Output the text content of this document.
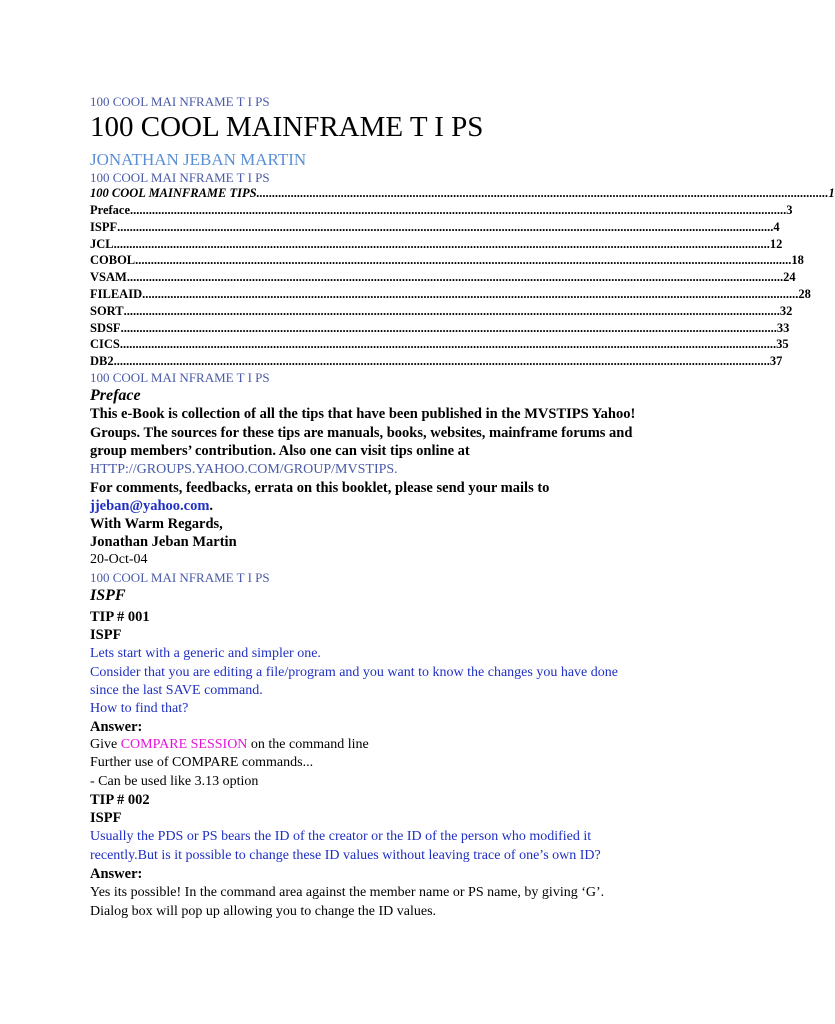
100 COOL MAI NFRAME T I PS
100 COOL MAINFRAME T I PS
JONATHAN JEBAN MARTIN
100 COOL MAI NFRAME T I PS
100 COOL MAINFRAME TIPS ....................................................................................................................................................................................... 1
Preface .................................................................................................................................................................................................................. 3
ISPF .................................................................................................................................................................................................................. 4
JCL .................................................................................................................................................................................................................. 12
COBOL .................................................................................................................................................................................................................. 18
VSAM .................................................................................................................................................................................................................. 24
FILEAID .................................................................................................................................................................................................................. 28
SORT .................................................................................................................................................................................................................. 32
SDSF .................................................................................................................................................................................................................. 33
CICS .................................................................................................................................................................................................................. 35
DB2 .................................................................................................................................................................................................................. 37
100 COOL MAI NFRAME T I PS
Preface
This e-Book is collection of all the tips that have been published in the MVSTIPS Yahoo!
Groups. The sources for these tips are manuals, books, websites, mainframe forums and
group members’ contribution. Also one can visit tips online at
HTTP://GROUPS.YAHOO.COM/GROUP/MVSTIPS.
For comments, feedbacks, errata on this booklet, please send your mails to
jjeban@yahoo.com.
With Warm Regards,
Jonathan Jeban Martin
20-Oct-04
100 COOL MAI NFRAME T I PS
ISPF
TIP # 001
ISPF
Lets start with a generic and simpler one.
Consider that you are editing a file/program and you want to know the changes you have done
since the last SAVE command.
How to find that?
Answer:
Give COMPARE SESSION on the command line
Further use of COMPARE commands...
- Can be used like 3.13 option
TIP # 002
ISPF
Usually the PDS or PS bears the ID of the creator or the ID of the person who modified it
recently.But is it possible to change these ID values without leaving trace of one’s own ID?
Answer:
Yes its possible! In the command area against the member name or PS name, by giving ‘G’.
Dialog box will pop up allowing you to change the ID values.
